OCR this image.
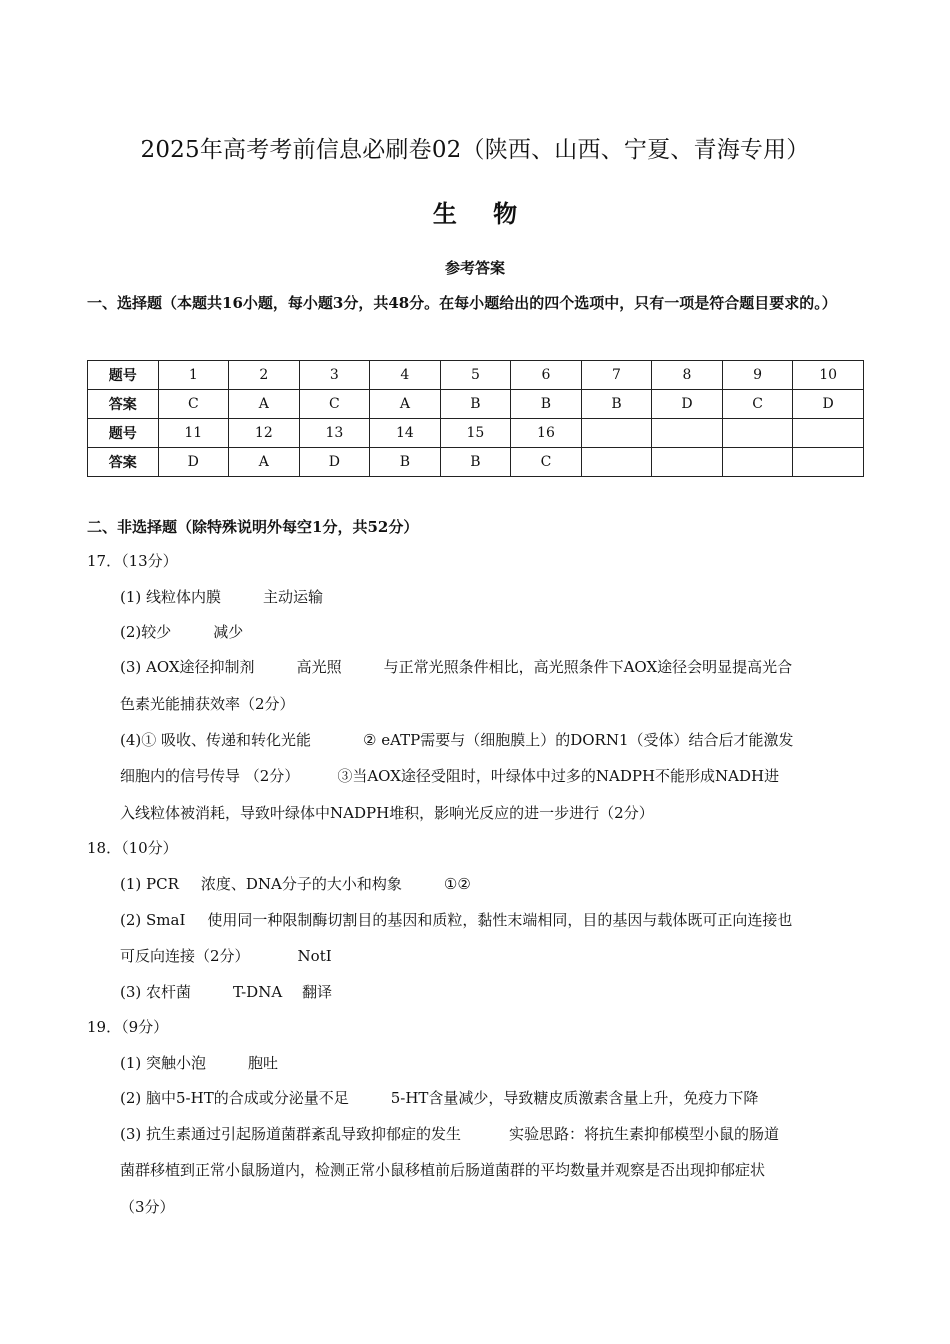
2025年高考考前信息必刷卷02（陕西、山西、宁夏、青海专用）
生 物
参考答案
一、选择题（本题共16小题，每小题3分，共48分。在每小题给出的四个选项中，只有一项是符合题目要求的。）
题号	1	2	3	4	5	6	7	8	9	10
答案	C	A	C	A	B	B	B	D	C	D
题号	11	12	13	14	15	16				
答案	D	A	D	B	B	C				
二、非选择题（除特殊说明外每空1分，共52分）
17．（13分）
(1) 线粒体内膜	主动运输
(2)较少	减少
(3) AOX途径抑制剂	高光照	与正常光照条件相比，高光照条件下AOX途径会明显提高光合
色素光能捕获效率（2分）
(4)① 吸收、传递和转化光能	② eATP需要与（细胞膜上）的DORN1（受体）结合后才能激发
细胞内的信号传导 （2分）	③当AOX途径受阻时，叶绿体中过多的NADPH不能形成NADH进
入线粒体被消耗，导致叶绿体中NADPH堆积，影响光反应的进一步进行（2分）
18．（10分）
(1) PCR 浓度、DNA分子的大小和构象	①②
(2) SmaI 使用同一种限制酶切割目的基因和质粒，黏性末端相同，目的基因与载体既可正向连接也
可反向连接（2分）	NotI
(3) 农杆菌	T-DNA 翻译
19．（9分）
(1) 突触小泡	胞吐
(2) 脑中5-HT的合成或分泌量不足	5-HT含量减少，导致糖皮质激素含量上升，免疫力下降
(3) 抗生素通过引起肠道菌群紊乱导致抑郁症的发生	实验思路：将抗生素抑郁模型小鼠的肠道
菌群移植到正常小鼠肠道内，检测正常小鼠移植前后肠道菌群的平均数量并观察是否出现抑郁症状
（3分）
